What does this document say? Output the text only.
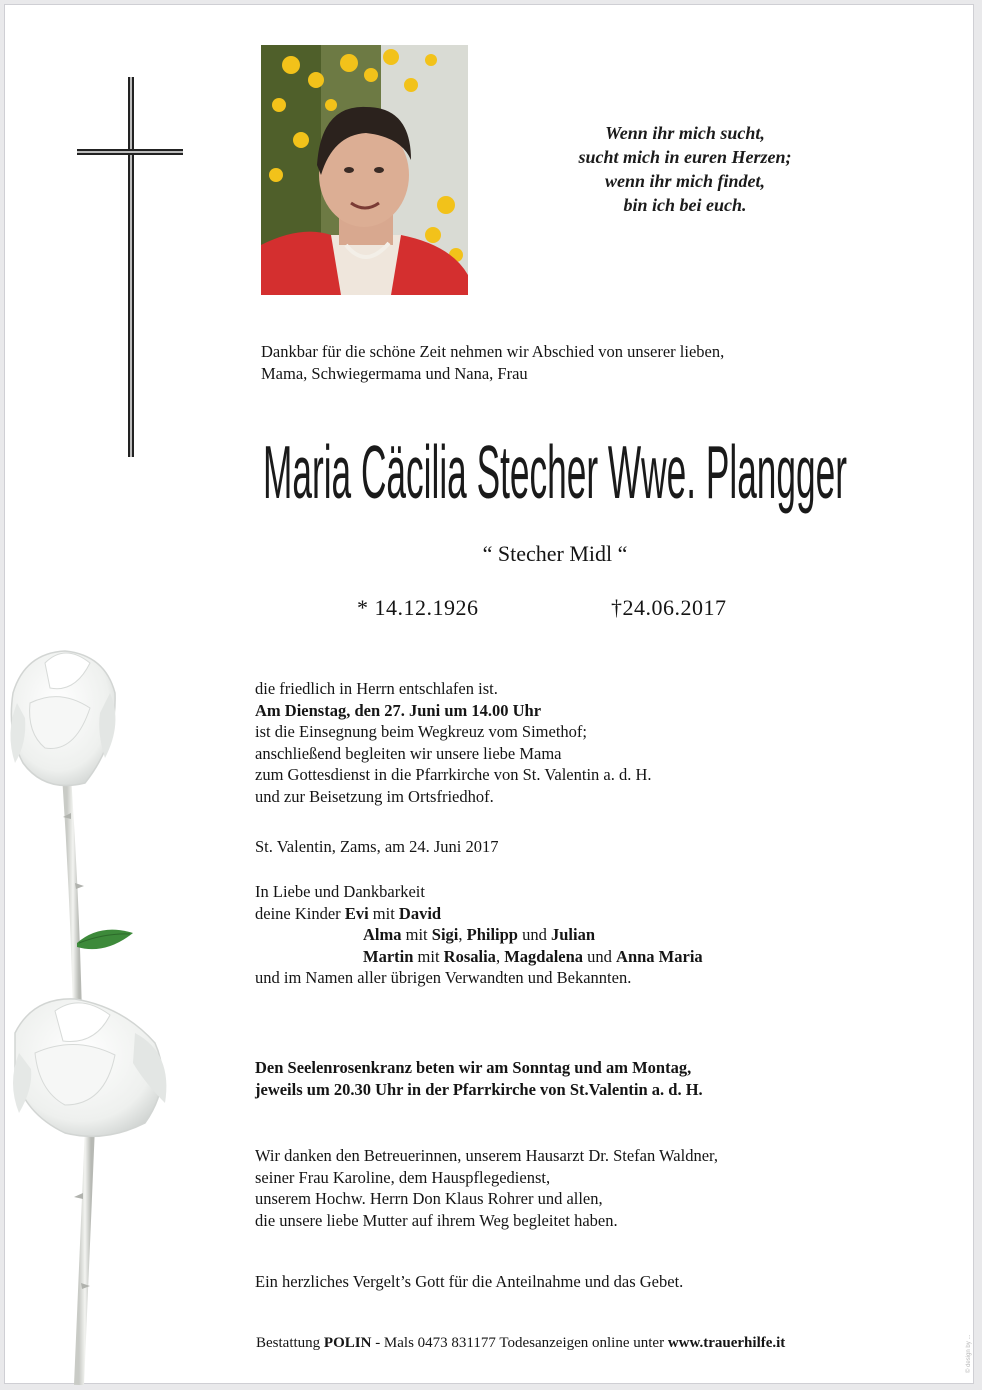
Wenn ihr mich sucht,
sucht mich in euren Herzen;
wenn ihr mich findet,
bin ich bei euch.
Dankbar für die schöne Zeit nehmen wir Abschied von unserer lieben,
Mama, Schwiegermama und Nana, Frau
Maria Cäcilia Stecher Wwe. Plangger
“ Stecher Midl “
* 14.12.1926	†24.06.2017
die friedlich in Herrn entschlafen ist.
Am Dienstag, den 27. Juni um 14.00 Uhr
ist die Einsegnung beim Wegkreuz vom Simethof;
anschließend begleiten wir unsere liebe Mama
zum Gottesdienst in die Pfarrkirche von St. Valentin a. d. H.
und zur Beisetzung im Ortsfriedhof.
St. Valentin, Zams, am 24. Juni 2017
In Liebe und Dankbarkeit
deine Kinder Evi mit David
Alma mit Sigi, Philipp und Julian
Martin mit Rosalia, Magdalena und Anna Maria
und im Namen aller übrigen Verwandten und Bekannten.
Den Seelenrosenkranz beten wir am Sonntag und am Montag,
jeweils um 20.30 Uhr in der Pfarrkirche von St.Valentin a. d. H.
Wir danken den Betreuerinnen, unserem Hausarzt Dr. Stefan Waldner,
seiner Frau Karoline, dem Hauspflegedienst,
unserem Hochw. Herrn Don Klaus Rohrer und allen,
die unsere liebe Mutter auf ihrem Weg begleitet haben.
Ein herzliches Vergelt’s Gott für die Anteilnahme und das Gebet.
Bestattung POLIN - Mals 0473 831177 Todesanzeigen online unter www.trauerhilfe.it	© design by ...
